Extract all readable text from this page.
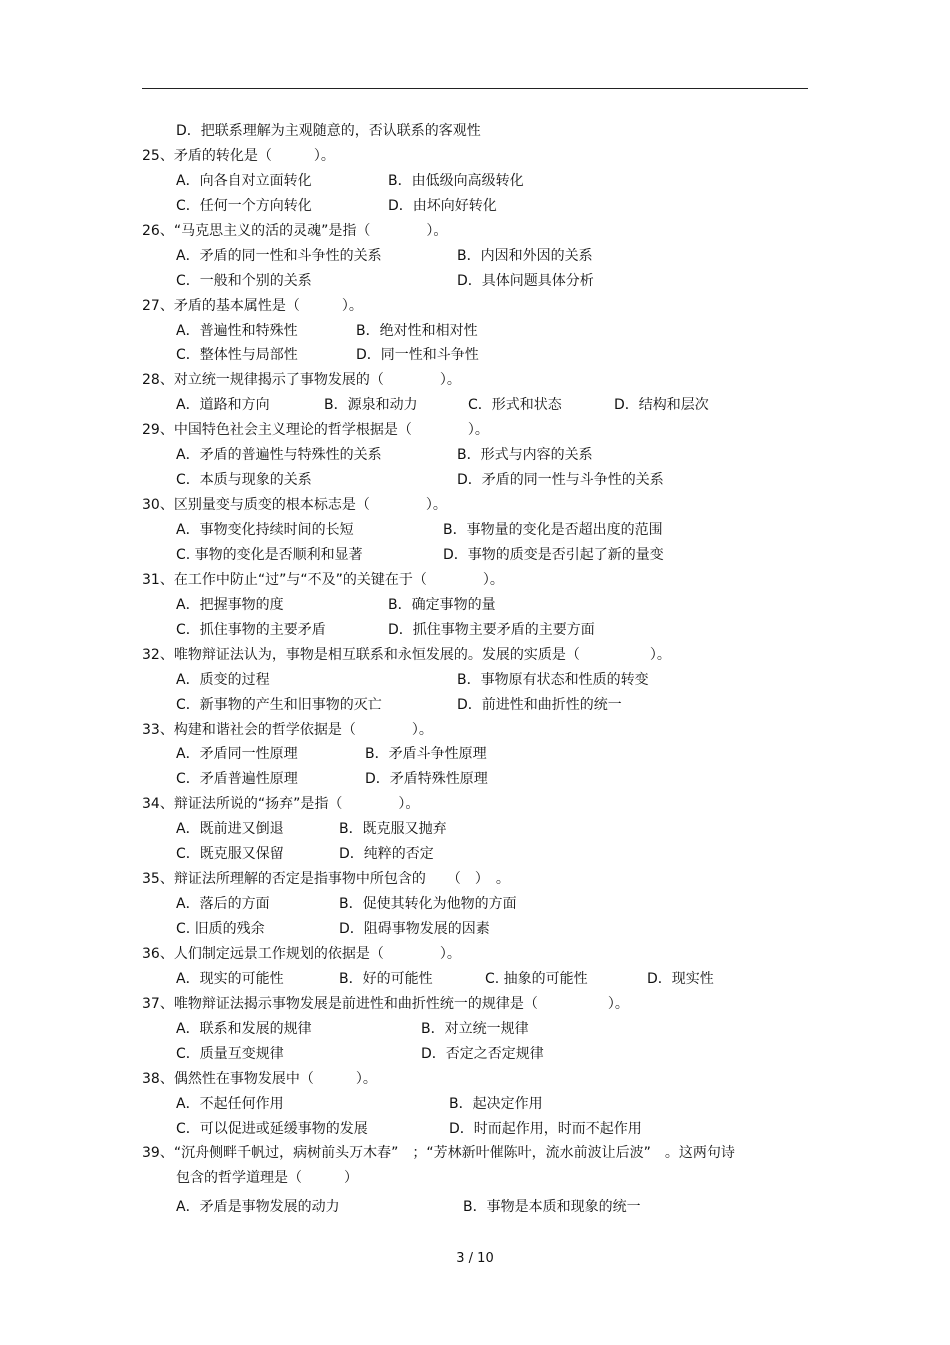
D．把联系理解为主观随意的，否认联系的客观性
25、矛盾的转化是（　　　）。
A．向各自对立面转化	B．由低级向高级转化
C．任何一个方向转化	D．由坏向好转化
26、“马克思主义的活的灵魂”是指（　　　　）。
A．矛盾的同一性和斗争性的关系	B．内因和外因的关系
C．一般和个别的关系	D．具体问题具体分析
27、矛盾的基本属性是（　　　）。
A．普遍性和特殊性	B．绝对性和相对性
C．整体性与局部性	D．同一性和斗争性
28、对立统一规律揭示了事物发展的（　　　　）。
A．道路和方向	B．源泉和动力	C．形式和状态	D．结构和层次
29、中国特色社会主义理论的哲学根据是（　　　　）。
A．矛盾的普遍性与特殊性的关系	B．形式与内容的关系
C．本质与现象的关系	D．矛盾的同一性与斗争性的关系
30、区别量变与质变的根本标志是（　　　　）。
A．事物变化持续时间的长短	B．事物量的变化是否超出度的范围
C. 事物的变化是否顺利和显著	D．事物的质变是否引起了新的量变
31、在工作中防止“过”与“不及”的关键在于（　　　　）。
A．把握事物的度	B．确定事物的量
C．抓住事物的主要矛盾	D．抓住事物主要矛盾的主要方面
32、唯物辩证法认为，事物是相互联系和永恒发展的。发展的实质是（　　　　　）。
A．质变的过程	B．事物原有状态和性质的转变
C．新事物的产生和旧事物的灭亡	D．前进性和曲折性的统一
33、构建和谐社会的哲学依据是（　　　　）。
A．矛盾同一性原理	B．矛盾斗争性原理
C．矛盾普遍性原理	D．矛盾特殊性原理
34、辩证法所说的“扬弃”是指（　　　　）。
A．既前进又倒退	B．既克服又抛弃
C．既克服又保留	D．纯粹的否定
35、辩证法所理解的否定是指事物中所包含的　　（　）　。
A．落后的方面	B．促使其转化为他物的方面
C. 旧质的残余	D．阻碍事物发展的因素
36、人们制定远景工作规划的依据是（　　　　）。
A．现实的可能性	B．好的可能性	C. 抽象的可能性	D．现实性
37、唯物辩证法揭示事物发展是前进性和曲折性统一的规律是（　　　　　）。
A．联系和发展的规律	B．对立统一规律
C．质量互变规律	D．否定之否定规律
38、偶然性在事物发展中（　　　）。
A．不起任何作用	B．起决定作用
C．可以促进或延缓事物的发展	D．时而起作用，时而不起作用
39、“沉舟侧畔千帆过，病树前头万木春”　；“芳林新叶催陈叶，流水前波让后波”　。这两句诗
包含的哲学道理是（　　　）
A．矛盾是事物发展的动力	B．事物是本质和现象的统一
3 / 10
